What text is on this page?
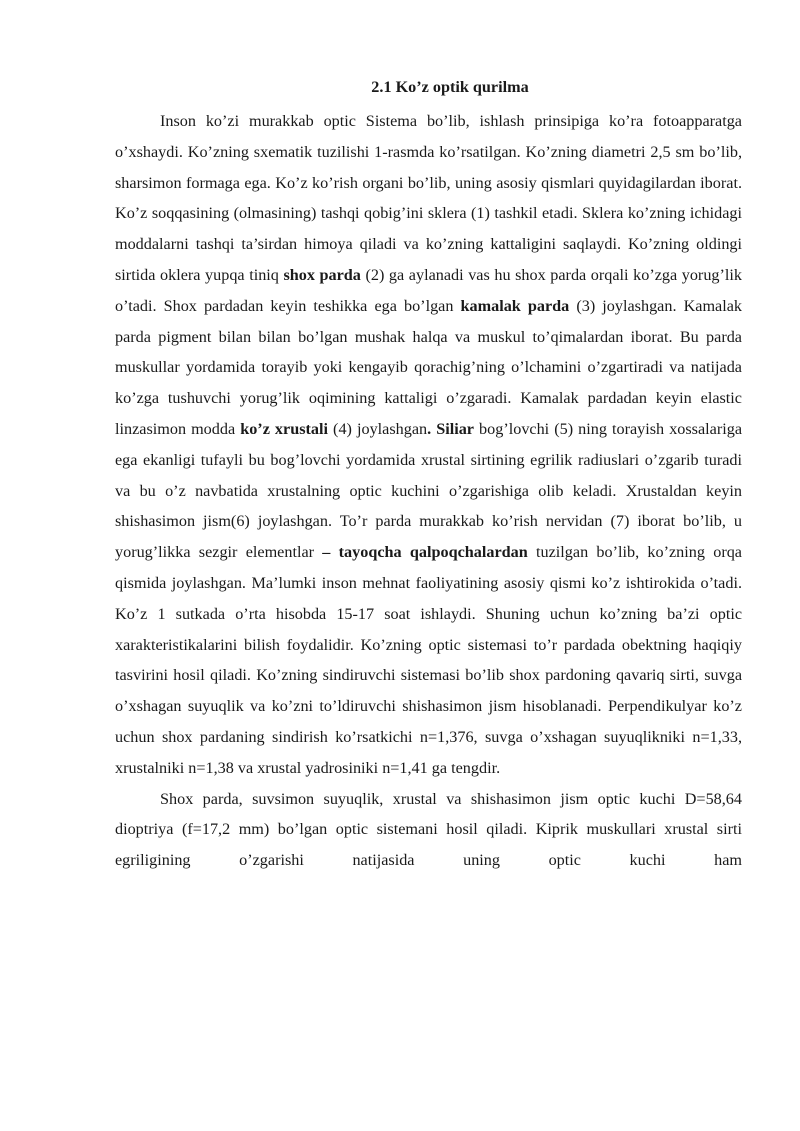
2.1 Ko’z optik qurilma

Inson ko’zi murakkab optic Sistema bo’lib, ishlash prinsipiga ko’ra fotoapparatga o’xshaydi. Ko’zning sxematik tuzilishi 1-rasmda ko’rsatilgan. Ko’zning diametri 2,5 sm bo’lib, sharsimon formaga ega. Ko’z ko’rish organi bo’lib, uning asosiy qismlari quyidagilardan iborat. Ko’z soqqasining (olmasining) tashqi qobig’ini sklera (1) tashkil etadi. Sklera ko’zning ichidagi moddalarni tashqi ta’sirdan himoya qiladi va ko’zning kattaligini saqlaydi. Ko’zning oldingi sirtida oklera yupqa tiniq shox parda (2) ga aylanadi vas hu shox parda orqali ko’zga yorug’lik o’tadi. Shox pardadan keyin teshikka ega bo’lgan kamalak parda (3) joylashgan. Kamalak parda pigment bilan bilan bo’lgan mushak halqa va muskul to’qimalardan iborat. Bu parda muskullar yordamida torayib yoki kengayib qorachig’ning o’lchamini o’zgartiradi va natijada ko’zga tushuvchi yorug’lik oqimining kattaligi o’zgaradi. Kamalak pardadan keyin elastic linzasimon modda ko’z xrustali (4) joylashgan. Siliar bog’lovchi (5) ning torayish xossalariga ega ekanligi tufayli bu bog’lovchi yordamida xrustal sirtining egrilik radiuslari o’zgarib turadi va bu o’z navbatida xrustalning optic kuchini o’zgarishiga olib keladi. Xrustaldan keyin shishasimon jism(6) joylashgan. To’r parda murakkab ko’rish nervidan (7) iborat bo’lib, u yorug’likka sezgir elementlar – tayoqcha qalpoqchalardan tuzilgan bo’lib, ko’zning orqa qismida joylashgan. Ma’lumki inson mehnat faoliyatining asosiy qismi ko’z ishtirokida o’tadi. Ko’z 1 sutkada o’rta hisobda 15-17 soat ishlaydi. Shuning uchun ko’zning ba’zi optic xarakteristikalarini bilish foydalidir. Ko’zning optic sistemasi to’r pardada obektning haqiqiy tasvirini hosil qiladi. Ko’zning sindiruvchi sistemasi bo’lib shox pardoning qavariq sirti, suvga o’xshagan suyuqlik va ko’zni to’ldiruvchi shishasimon jism hisoblanadi. Perpendikulyar ko’z uchun shox pardaning sindirish ko’rsatkichi n=1,376, suvga o’xshagan suyuqlikniki n=1,33, xrustalniki n=1,38 va xrustal yadrosiniki n=1,41 ga tengdir.

Shox parda, suvsimon suyuqlik, xrustal va shishasimon jism optic kuchi D=58,64 dioptriya (f=17,2 mm) bo’lgan optic sistemani hosil qiladi. Kiprik muskullari xrustal sirti egriligining o’zgarishi natijasida uning optic kuchi ham
